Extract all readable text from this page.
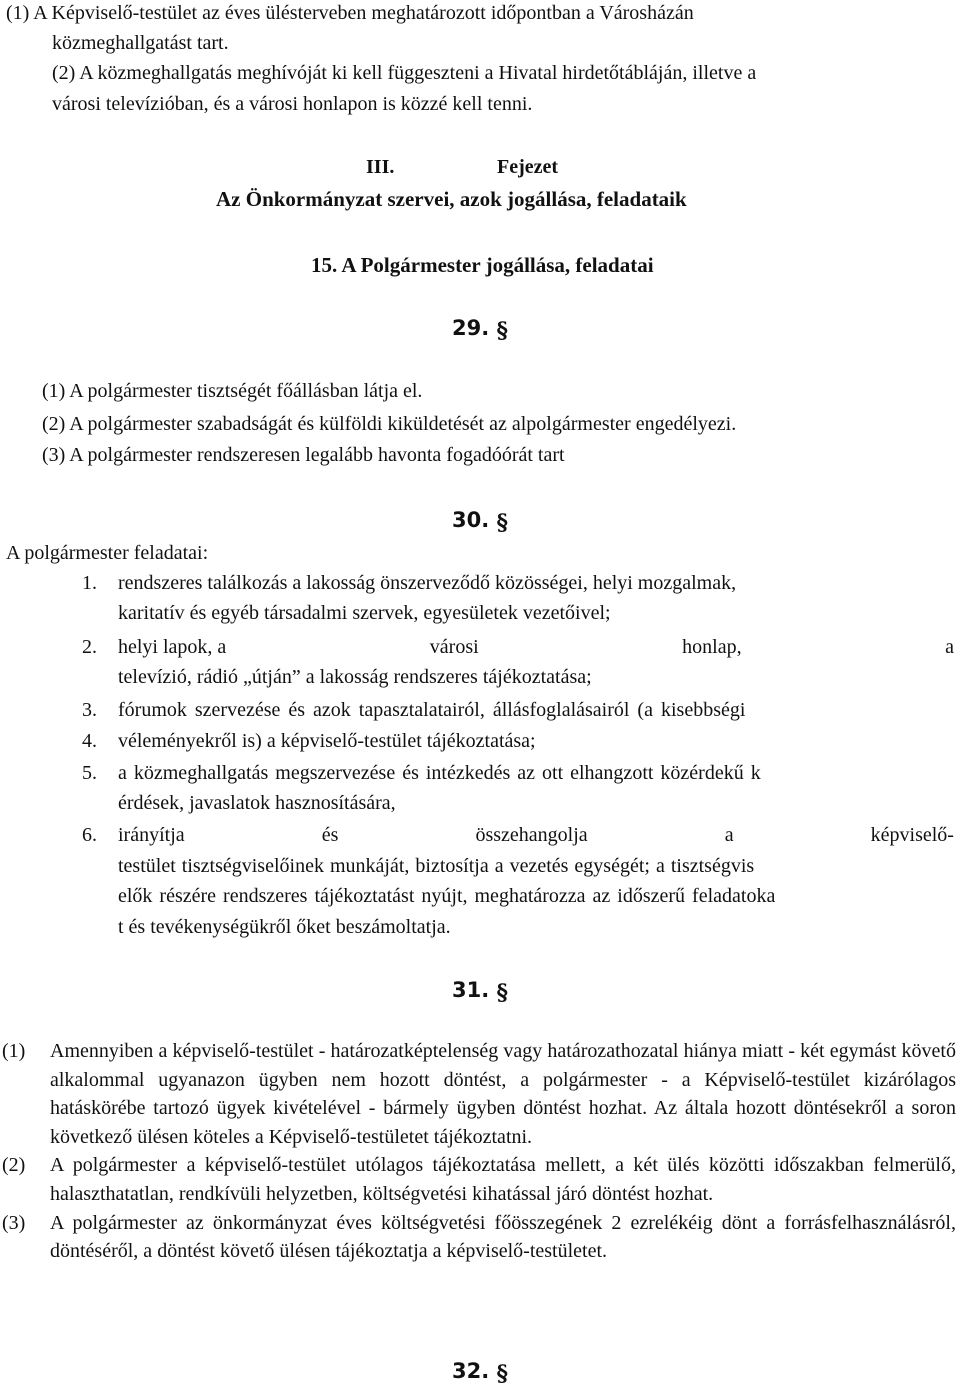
(1) A Képviselő-testület az éves ülésterveben meghatározott időpontban a Városházán
közmeghallgatást tart.
(2) A közmeghallgatás meghívóját ki kell függeszteni a Hivatal hirdetőtábláján, illetve a
városi televízióban, és a városi honlapon is közzé kell tenni.
III.	Fejezet
Az Önkormányzat szervei, azok jogállása, feladataik
15. A Polgármester jogállása, feladatai
29. §
(1) A polgármester tisztségét főállásban látja el.
(2) A polgármester szabadságát és külföldi kiküldetését az alpolgármester engedélyezi.
(3) A polgármester rendszeresen legalább havonta fogadóórát tart
30. §
A polgármester feladatai:
1. rendszeres találkozás a lakosság önszerveződő közösségei, helyi mozgalmak,
karitatív és egyéb társadalmi szervek, egyesületek vezetőivel;
2. helyi lapok, a	városi	honlap,	a
televízió, rádió „útján” a lakosság rendszeres tájékoztatása;
3. fórumok szervezése és azok tapasztalatairól, állásfoglalásairól (a kisebbségi
4. véleményekről is) a képviselő-testület tájékoztatása;
5. a közmeghallgatás megszervezése és intézkedés az ott elhangzott közérdekű k
érdések, javaslatok hasznosítására,
6. irányítja	és	összehangolja	a	képviselő-
testület tisztségviselőinek munkáját, biztosítja a vezetés egységét; a tisztségvis
elők részére rendszeres tájékoztatást nyújt, meghatározza az időszerű feladatoka
t és tevékenységükről őket beszámoltatja.
31. §
(1)	Amennyiben a képviselő-testület - határozatképtelenség vagy határozathozatal hiánya miatt - két egymást követő alkalommal ugyanazon ügyben nem hozott döntést, a polgármester - a Képviselő-testület kizárólagos hatáskörébe tartozó ügyek kivételével - bármely ügyben döntést hozhat. Az általa hozott döntésekről a soron következő ülésen köteles a Képviselő-testületet tájékoztatni.
(2)	A polgármester a képviselő-testület utólagos tájékoztatása mellett, a két ülés közötti időszakban felmerülő, halaszthatatlan, rendkívüli helyzetben, költségvetési kihatással járó döntést hozhat.
(3)	A polgármester az önkormányzat éves költségvetési főösszegének 2 ezrelékéig dönt a forrásfelhasználásról, döntéséről, a döntést követő ülésen tájékoztatja a képviselő-testületet.
32. §
